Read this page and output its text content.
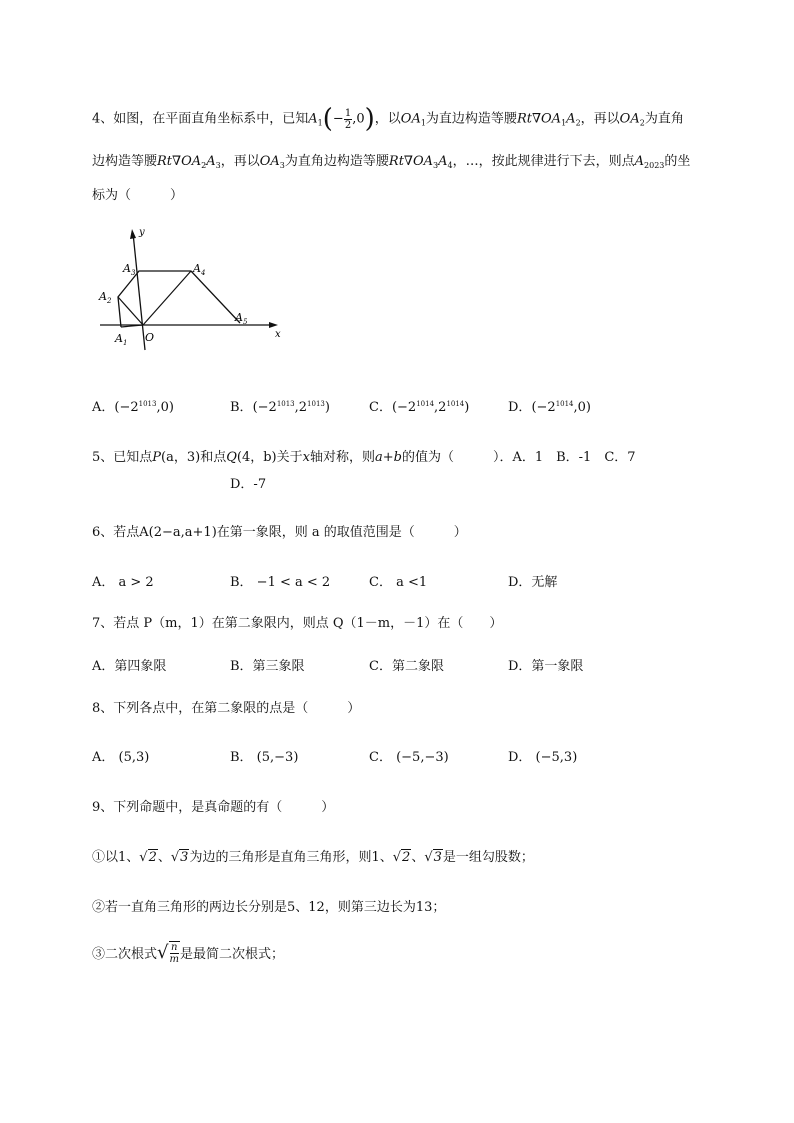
4、如图，在平面直角坐标系中，已知$A_1(- \frac{1}{2} ,0)$，以$OA_1$为直边构造等腰$Rt\nabla OA_1A_2$，再以$OA_2$为直角
边构造等腰$Rt\nabla OA_2A_3$，再以$OA_3$为直角边构造等腰$Rt\nabla OA_3A_4$，…，按此规律进行下去，则点$A_{2023}$的坐
标为（　　　）
y
x
O
A 1
A 2
A 3	A 4
A 5
A．$(-2^{1013},0)$	B．$(-2^{1013},2^{1013})$	C．$(-2^{1014},2^{1014})$	D．$(-2^{1014},0)$
5、已知点P(a，3)和点Q(4，b)关于x轴对称，则a+b的值为（　　　）．A．1　B．-1　C．7
D．-7
6、若点A(2−a,a+1)在第一象限，则 a 的取值范围是（　　　）
A． a > 2	B． −1 < a < 2	C． a <1	D．无解
7、若点 P（m，1）在第二象限内，则点 Q（1－m，－1）在（　　）
A．第四象限	B．第三象限	C．第二象限	D．第一象限
8、下列各点中，在第二象限的点是（　　　）
A． (5,3)	B． (5,−3)	C． (−5,−3)	D． (−5,3)
9、下列命题中，是真命题的有（　　　）
①以1、√2、√3为边的三角形是直角三角形，则1、√2、√3是一组勾股数；
②若一直角三角形的两边长分别是5、12，则第三边长为13；
③二次根式√ $\frac{n}{m}$ 是最简二次根式；
